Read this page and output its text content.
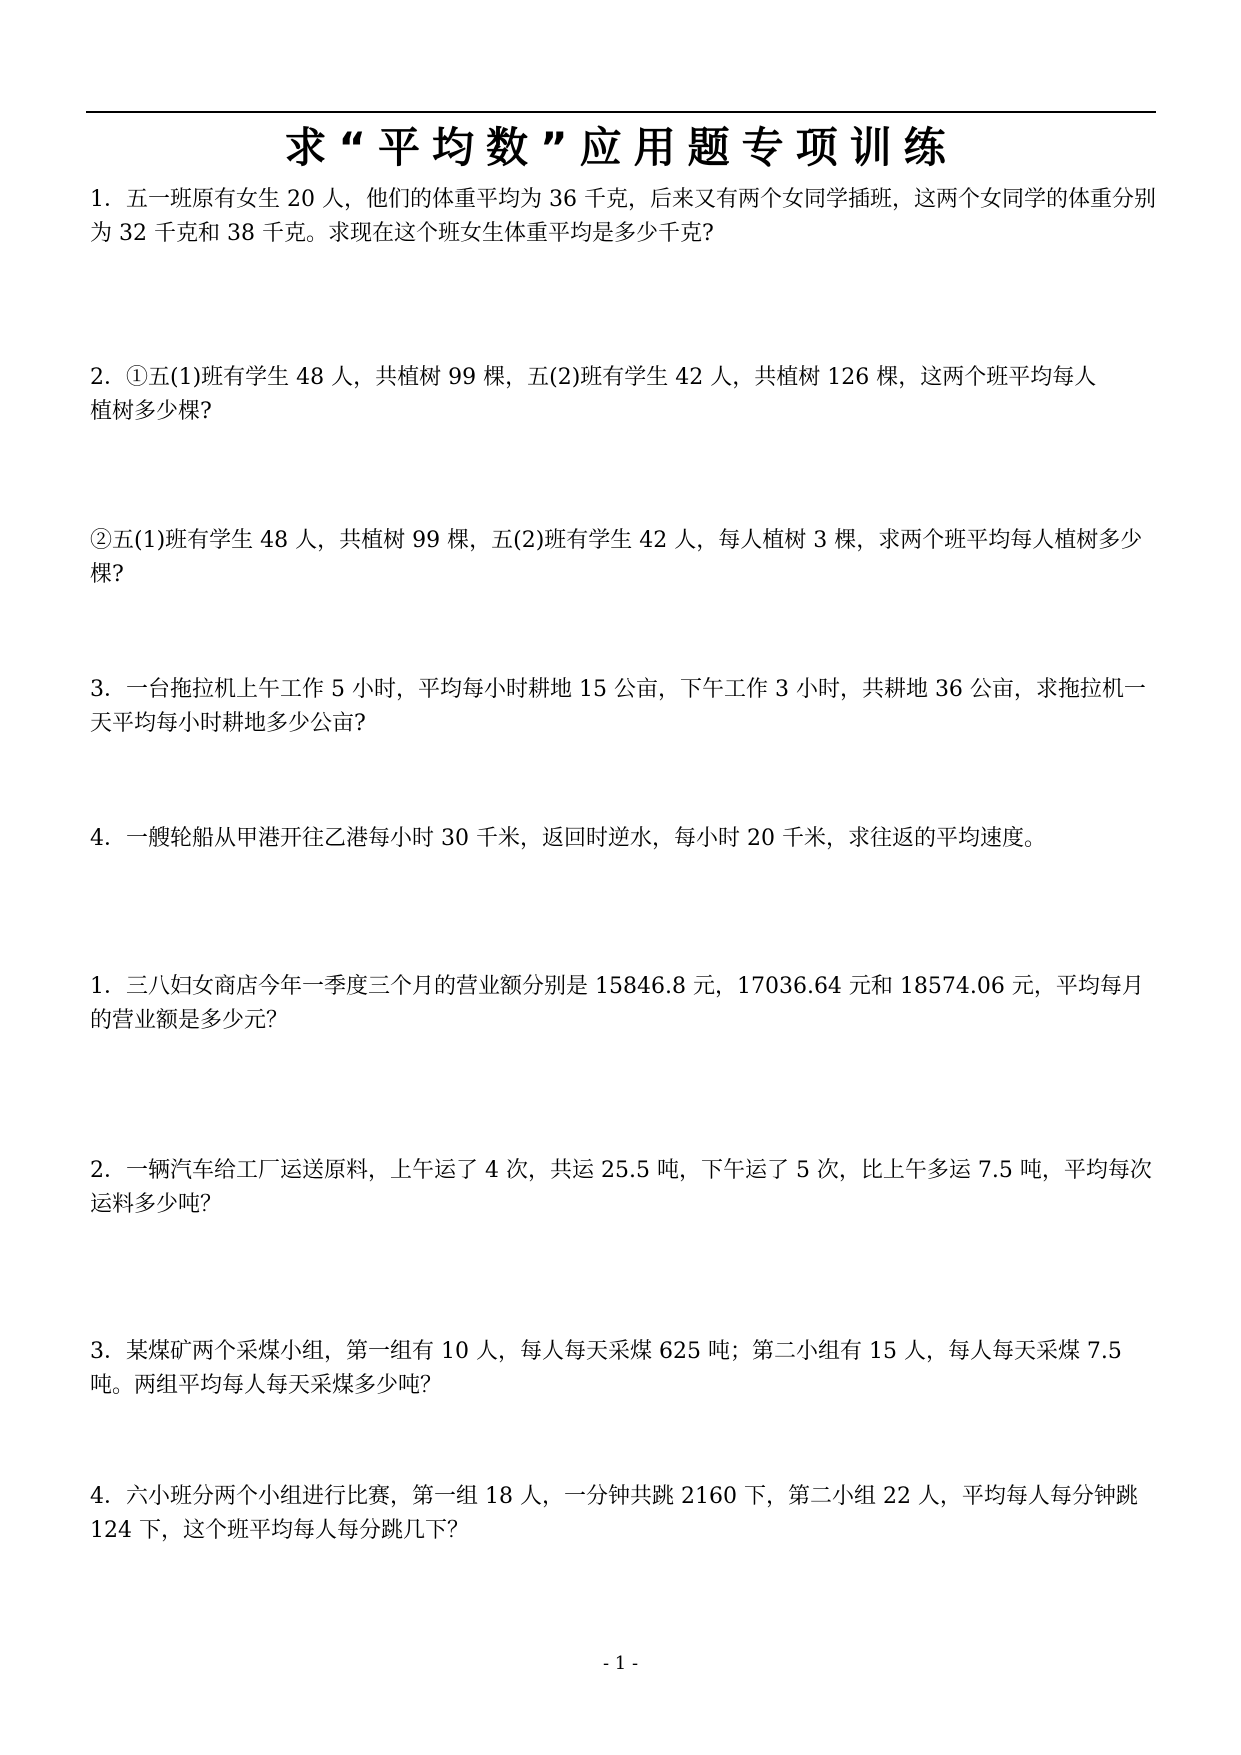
求“平均数”应用题专项训练

1．五一班原有女生 20 人，他们的体重平均为 36 千克，后来又有两个女同学插班，这两个女同学的体重分别为 32 千克和 38 千克。求现在这个班女生体重平均是多少千克?

2．①五(1)班有学生 48 人，共植树 99 棵，五(2)班有学生 42 人，共植树 126 棵，这两个班平均每人
植树多少棵?

②五(1)班有学生 48 人，共植树 99 棵，五(2)班有学生 42 人，每人植树 3 棵，求两个班平均每人植树多少棵?

3．一台拖拉机上午工作 5 小时，平均每小时耕地 15 公亩，下午工作 3 小时，共耕地 36 公亩，求拖拉机一天平均每小时耕地多少公亩?

4．一艘轮船从甲港开往乙港每小时 30 千米，返回时逆水，每小时 20 千米，求往返的平均速度。

1．三八妇女商店今年一季度三个月的营业额分别是 15846.8 元，17036.64 元和 18574.06 元，平均每月的营业额是多少元？

2．一辆汽车给工厂运送原料，上午运了 4 次，共运 25.5 吨，下午运了 5 次，比上午多运 7.5 吨，平均每次运料多少吨？

3．某煤矿两个采煤小组，第一组有 10 人，每人每天采煤 625 吨；第二小组有 15 人，每人每天采煤 7.5 吨。两组平均每人每天采煤多少吨？

4．六小班分两个小组进行比赛，第一组 18 人，一分钟共跳 2160 下，第二小组 22 人，平均每人每分钟跳 124 下，这个班平均每人每分跳几下？

- 1 -
